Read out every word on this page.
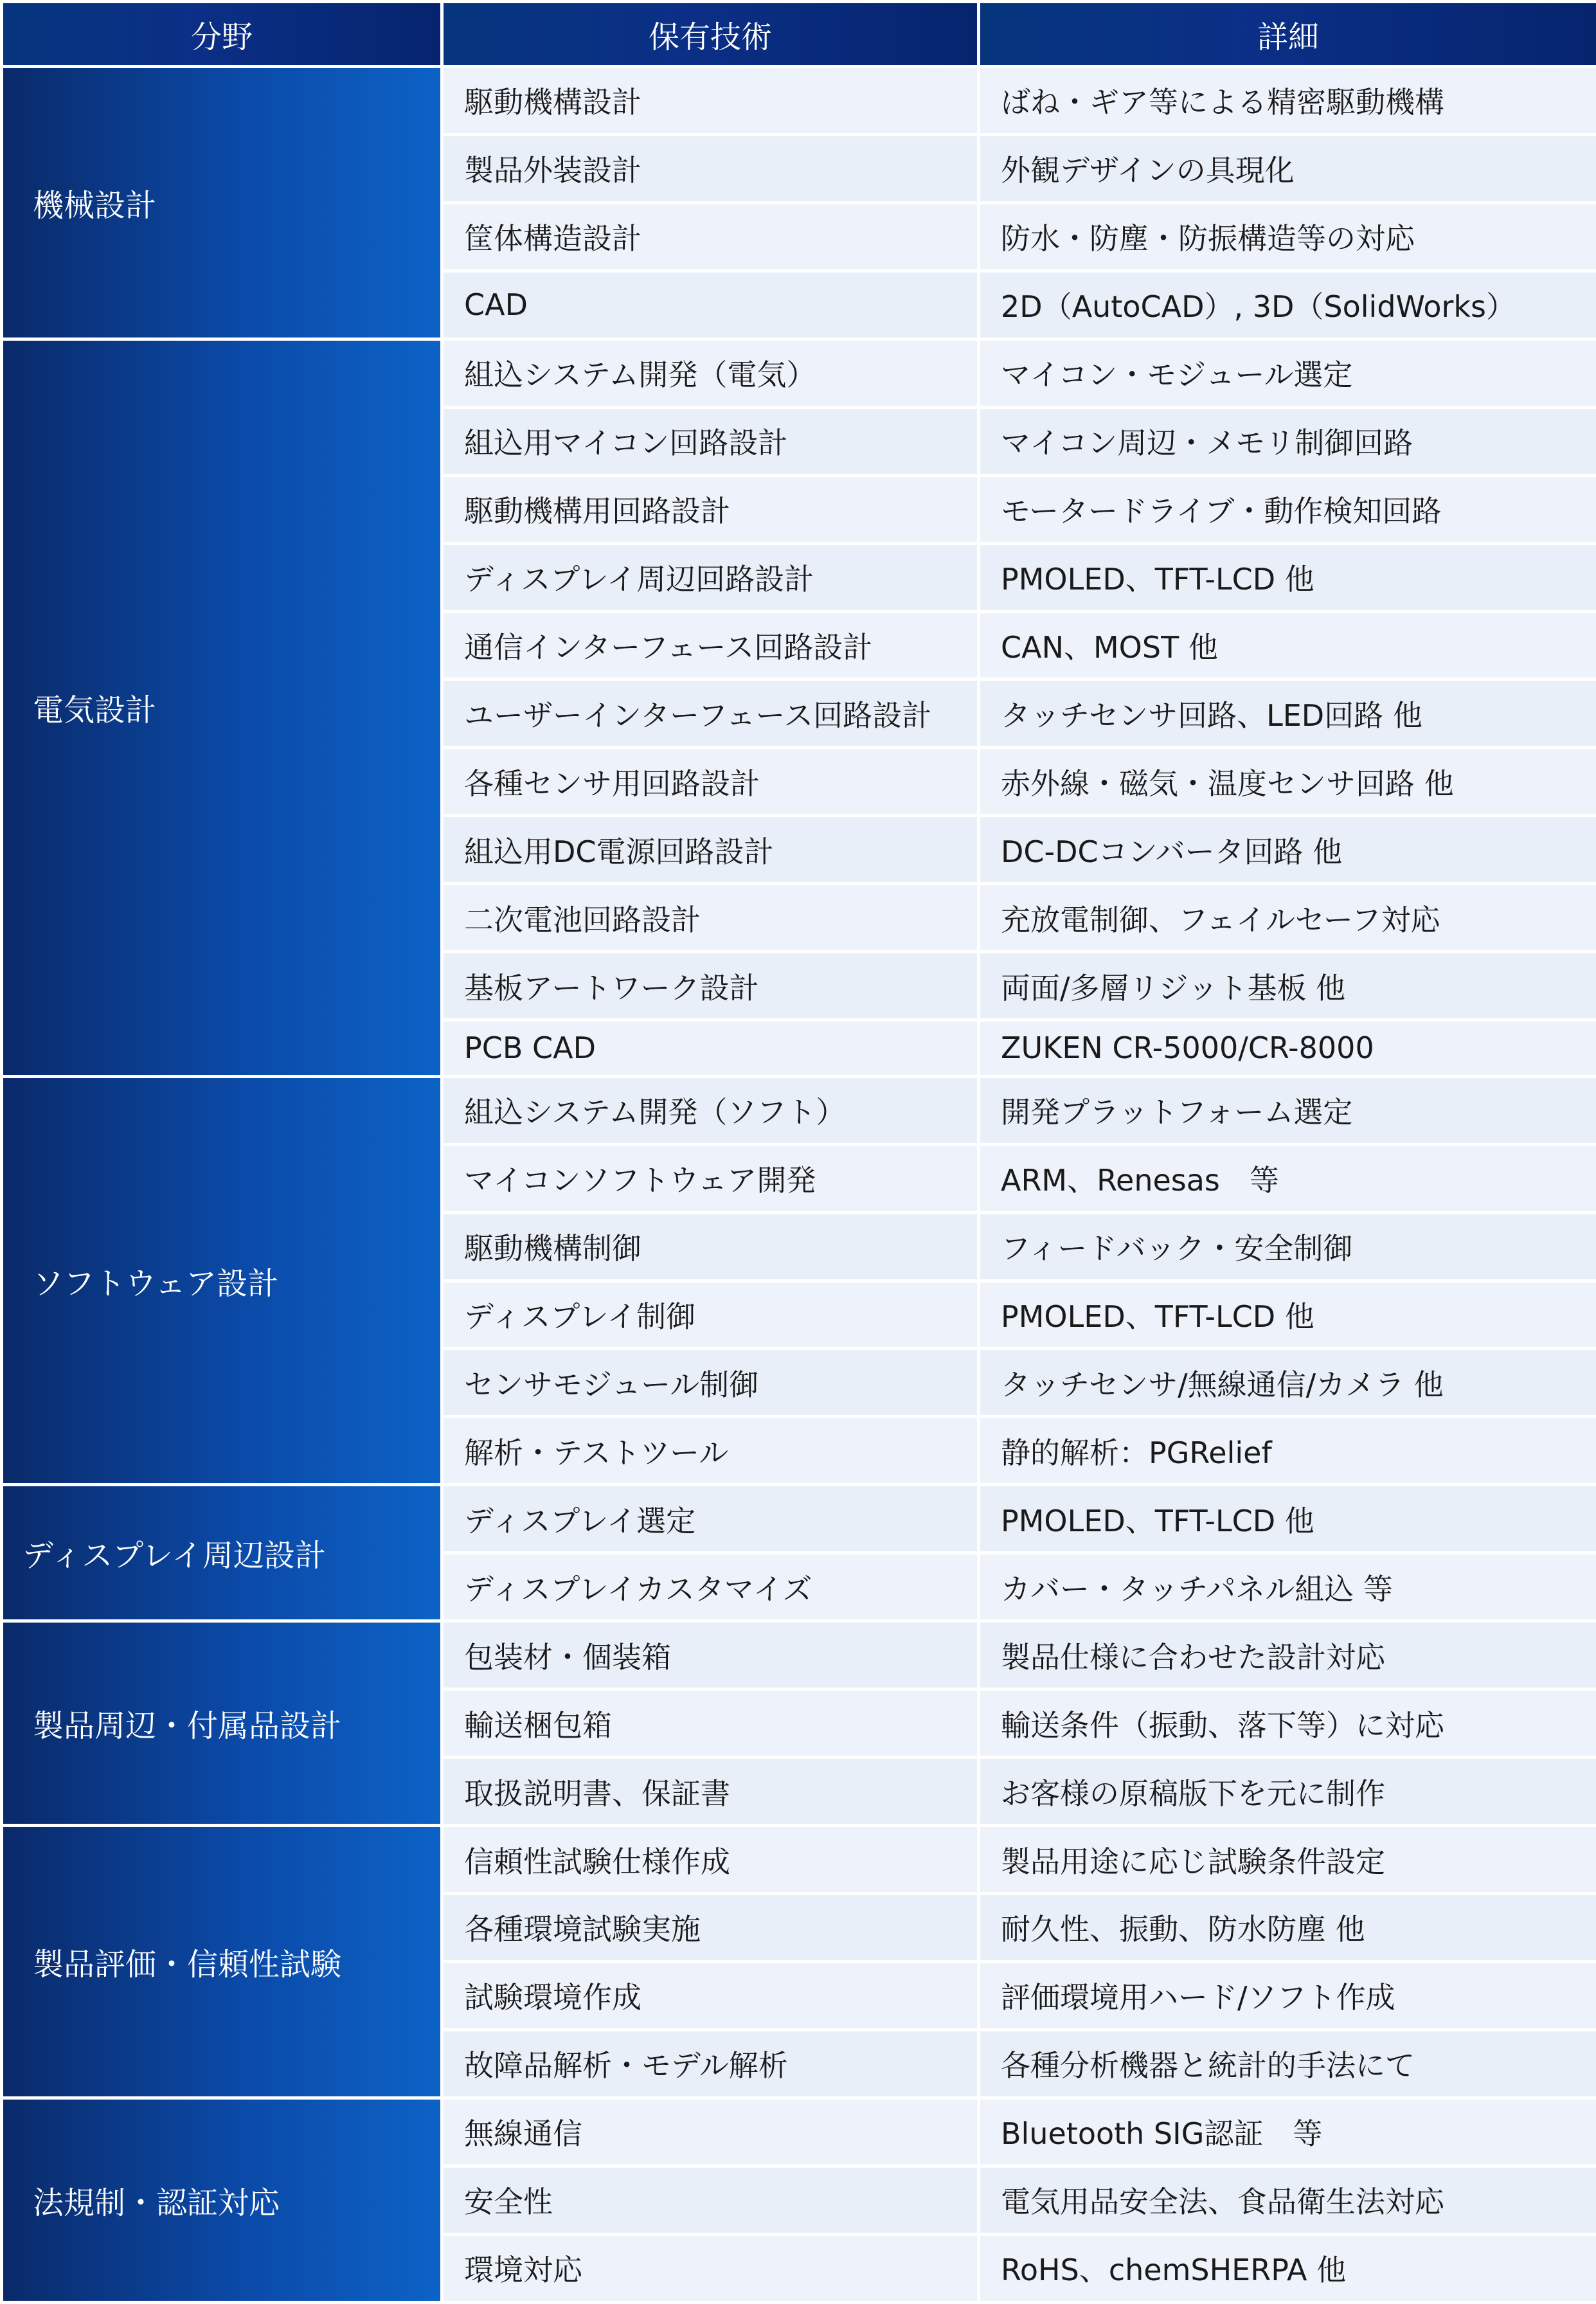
分野	保有技術	詳細
機械設計	駆動機構設計	ばね・ギア等による精密駆動機構
	製品外装設計	外観デザインの具現化
	筐体構造設計	防水・防塵・防振構造等の対応
	CAD	2D（AutoCAD）, 3D（SolidWorks）
電気設計	組込システム開発（電気）	マイコン・モジュール選定
	組込用マイコン回路設計	マイコン周辺・メモリ制御回路
	駆動機構用回路設計	モータードライブ・動作検知回路
	ディスプレイ周辺回路設計	PMOLED、TFT-LCD 他
	通信インターフェース回路設計	CAN、MOST 他
	ユーザーインターフェース回路設計	タッチセンサ回路、LED回路 他
	各種センサ用回路設計	赤外線・磁気・温度センサ回路 他
	組込用DC電源回路設計	DC-DCコンバータ回路 他
	二次電池回路設計	充放電制御、フェイルセーフ対応
	基板アートワーク設計	両面/多層リジット基板 他
	PCB CAD	ZUKEN CR-5000/CR-8000
ソフトウェア設計	組込システム開発（ソフト）	開発プラットフォーム選定
	マイコンソフトウェア開発	ARM、Renesas　等
	駆動機構制御	フィードバック・安全制御
	ディスプレイ制御	PMOLED、TFT-LCD 他
	センサモジュール制御	タッチセンサ/無線通信/カメラ 他
	解析・テストツール	静的解析：PGRelief
ディスプレイ周辺設計	ディスプレイ選定	PMOLED、TFT-LCD 他
	ディスプレイカスタマイズ	カバー・タッチパネル組込 等
製品周辺・付属品設計	包装材・個装箱	製品仕様に合わせた設計対応
	輸送梱包箱	輸送条件（振動、落下等）に対応
	取扱説明書、保証書	お客様の原稿版下を元に制作
製品評価・信頼性試験	信頼性試験仕様作成	製品用途に応じ試験条件設定
	各種環境試験実施	耐久性、振動、防水防塵 他
	試験環境作成	評価環境用ハード/ソフト作成
	故障品解析・モデル解析	各種分析機器と統計的手法にて
法規制・認証対応	無線通信	Bluetooth SIG認証　等
	安全性	電気用品安全法、食品衛生法対応
	環境対応	RoHS、chemSHERPA 他
